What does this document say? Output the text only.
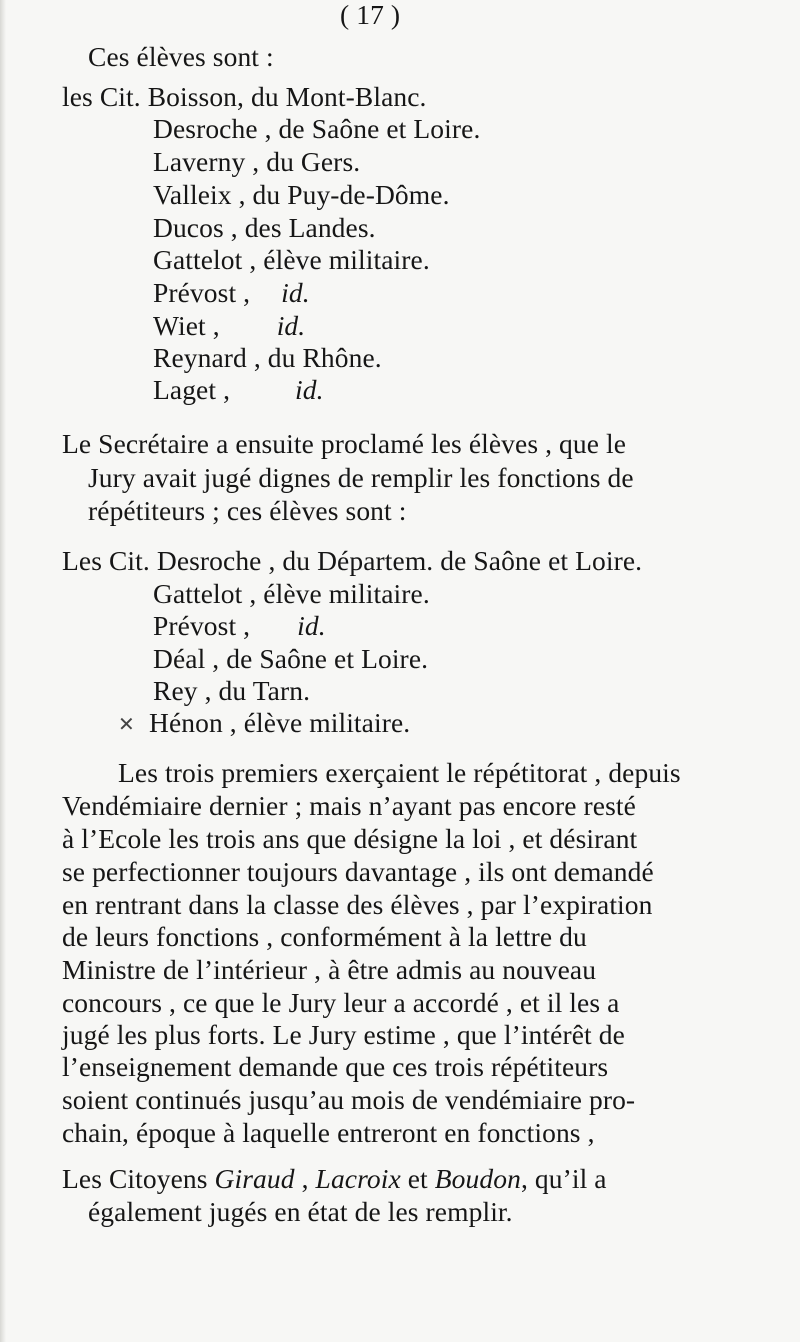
( 17 )
Ces élèves sont :
les Cit. Boisson, du Mont-Blanc.
Desroche , de Saône et Loire.
Laverny , du Gers.
Valleix , du Puy-de-Dôme.
Ducos , des Landes.
Gattelot , élève militaire.
Prévost , id.
Wiet , id.
Reynard , du Rhône.
Laget , id.
Le Secrétaire a ensuite proclamé les élèves , que le
Jury avait jugé dignes de remplir les fonctions de
répétiteurs ; ces élèves sont :
Les Cit. Desroche , du Départem. de Saône et Loire.
Gattelot , élève militaire.
Prévost , id.
Déal , de Saône et Loire.
Rey , du Tarn.
Hénon , élève militaire.
✕
Les trois premiers exerçaient le répétitorat , depuis
Vendémiaire dernier ; mais n’ayant pas encore resté
à l’Ecole les trois ans que désigne la loi , et désirant
se perfectionner toujours davantage , ils ont demandé
en rentrant dans la classe des élèves , par l’expiration
de leurs fonctions , conformément à la lettre du
Ministre de l’intérieur , à être admis au nouveau
concours , ce que le Jury leur a accordé , et il les a
jugé les plus forts. Le Jury estime , que l’intérêt de
l’enseignement demande que ces trois répétiteurs
soient continués jusqu’au mois de vendémiaire pro-
chain, époque à laquelle entreront en fonctions ,
Les Citoyens Giraud , Lacroix et Boudon, qu’il a
également jugés en état de les remplir.
